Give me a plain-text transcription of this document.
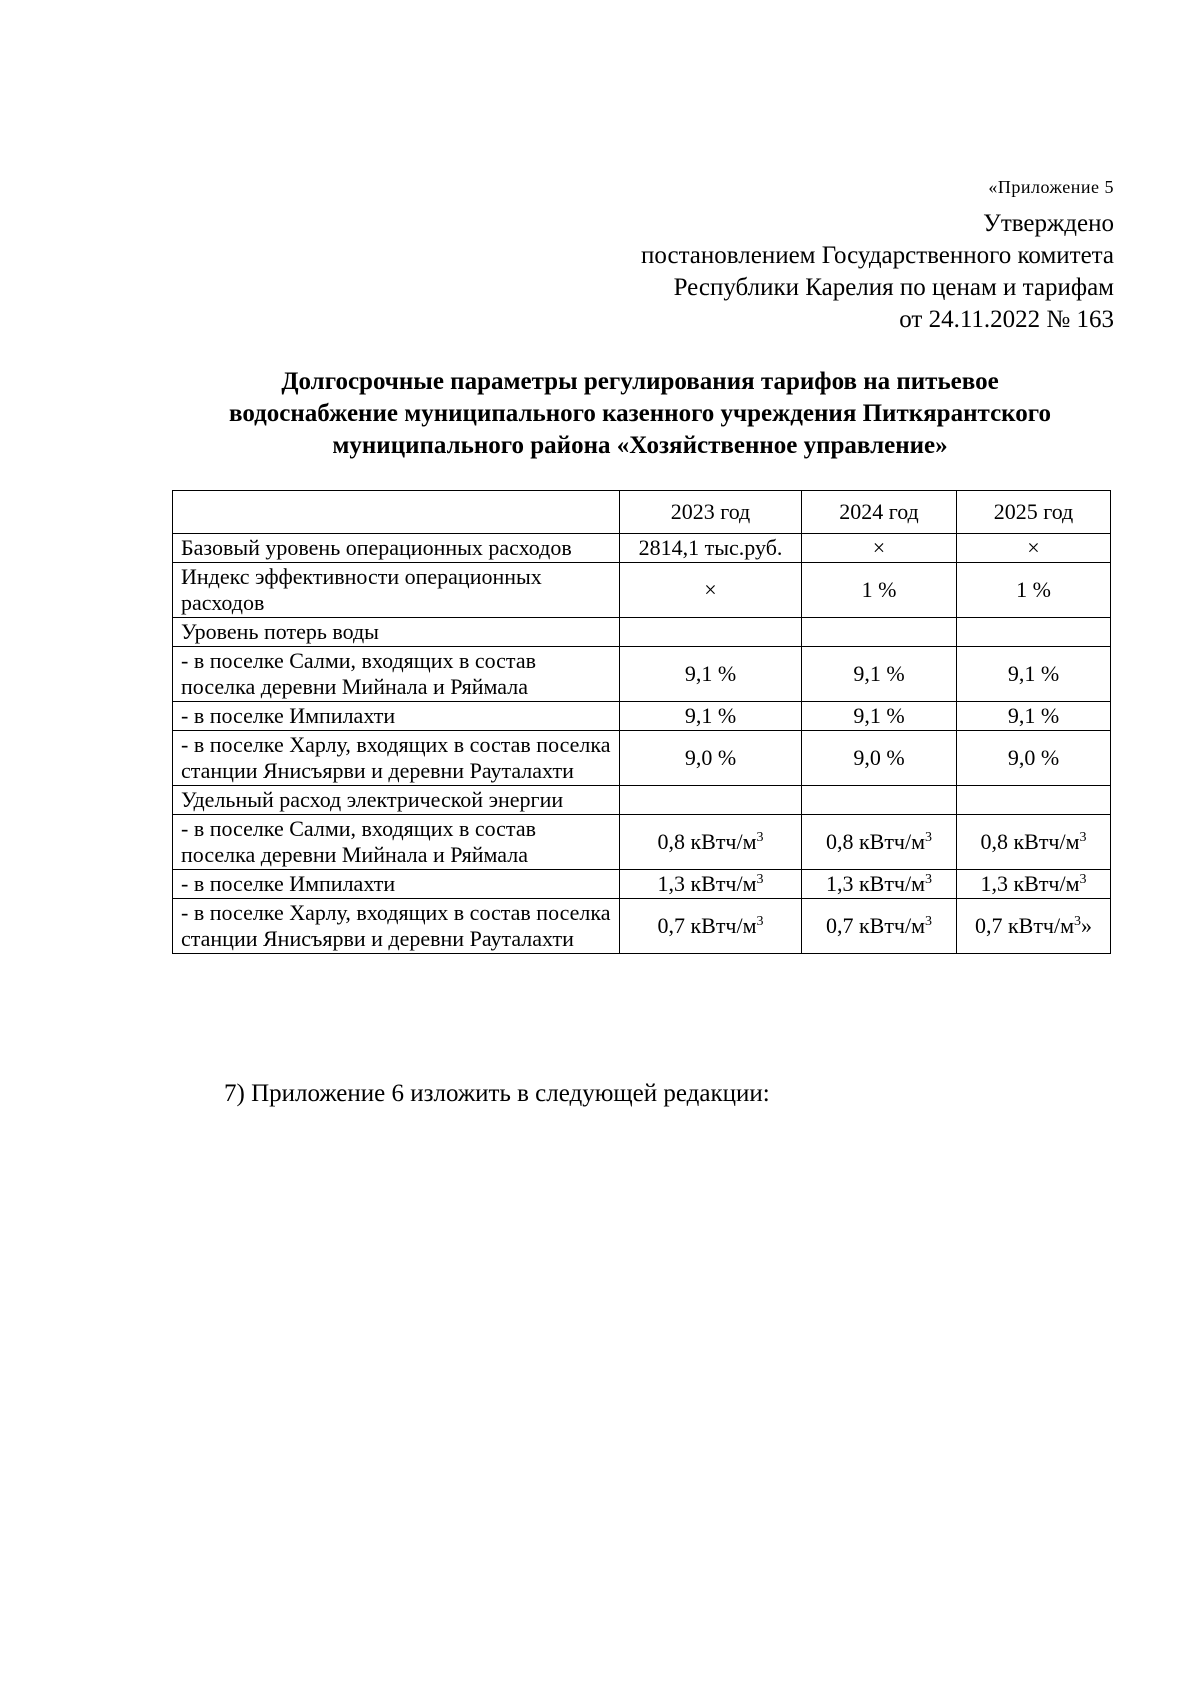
«Приложение 5
Утверждено
постановлением Государственного комитета
Республики Карелия по ценам и тарифам
от 24.11.2022 № 163
Долгосрочные параметры регулирования тарифов на питьевое
водоснабжение муниципального казенного учреждения Питкярантского
муниципального района «Хозяйственное управление»
	2023 год	2024 год	2025 год
Базовый уровень операционных расходов	2814,1 тыс.руб.	×	×
Индекс эффективности операционных расходов	×	1 %	1 %
Уровень потерь воды			
- в поселке Салми, входящих в состав поселка деревни Мийнала и Ряймала	9,1 %	9,1 %	9,1 %
- в поселке Импилахти	9,1 %	9,1 %	9,1 %
- в поселке Харлу, входящих в состав поселка станции Янисъярви и деревни Рауталахти	9,0 %	9,0 %	9,0 %
Удельный расход электрической энергии			
- в поселке Салми, входящих в состав поселка деревни Мийнала и Ряймала	0,8 кВтч/$м^3$	0,8 кВтч/$м^3$	0,8 кВтч/$м^3$
- в поселке Импилахти	1,3 кВтч/$м^3$	1,3 кВтч/$м^3$	1,3 кВтч/$м^3$
- в поселке Харлу, входящих в состав поселка станции Янисъярви и деревни Рауталахти	0,7 кВтч/$м^3$	0,7 кВтч/$м^3$	0,7 кВтч/$м^3$»
7) Приложение 6 изложить в следующей редакции:
